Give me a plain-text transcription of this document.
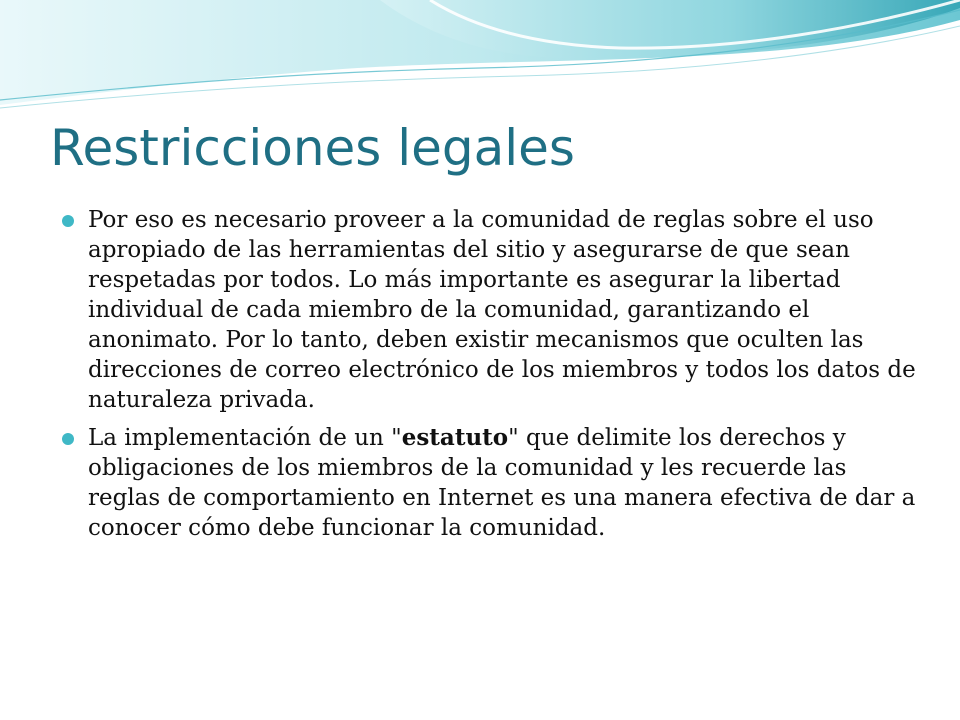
Restricciones legales
Por eso es necesario proveer a la comunidad de reglas sobre el uso apropiado de las herramientas del sitio y asegurarse de que sean respetadas por todos. Lo más importante es asegurar la libertad individual de cada miembro de la comunidad, garantizando el anonimato. Por lo tanto, deben existir mecanismos que oculten las direcciones de correo electrónico de los miembros y todos los datos de naturaleza privada.
La implementación de un "estatuto" que delimite los derechos y obligaciones de los miembros de la comunidad y les recuerde las reglas de comportamiento en Internet es una manera efectiva de dar a conocer cómo debe funcionar la comunidad.
